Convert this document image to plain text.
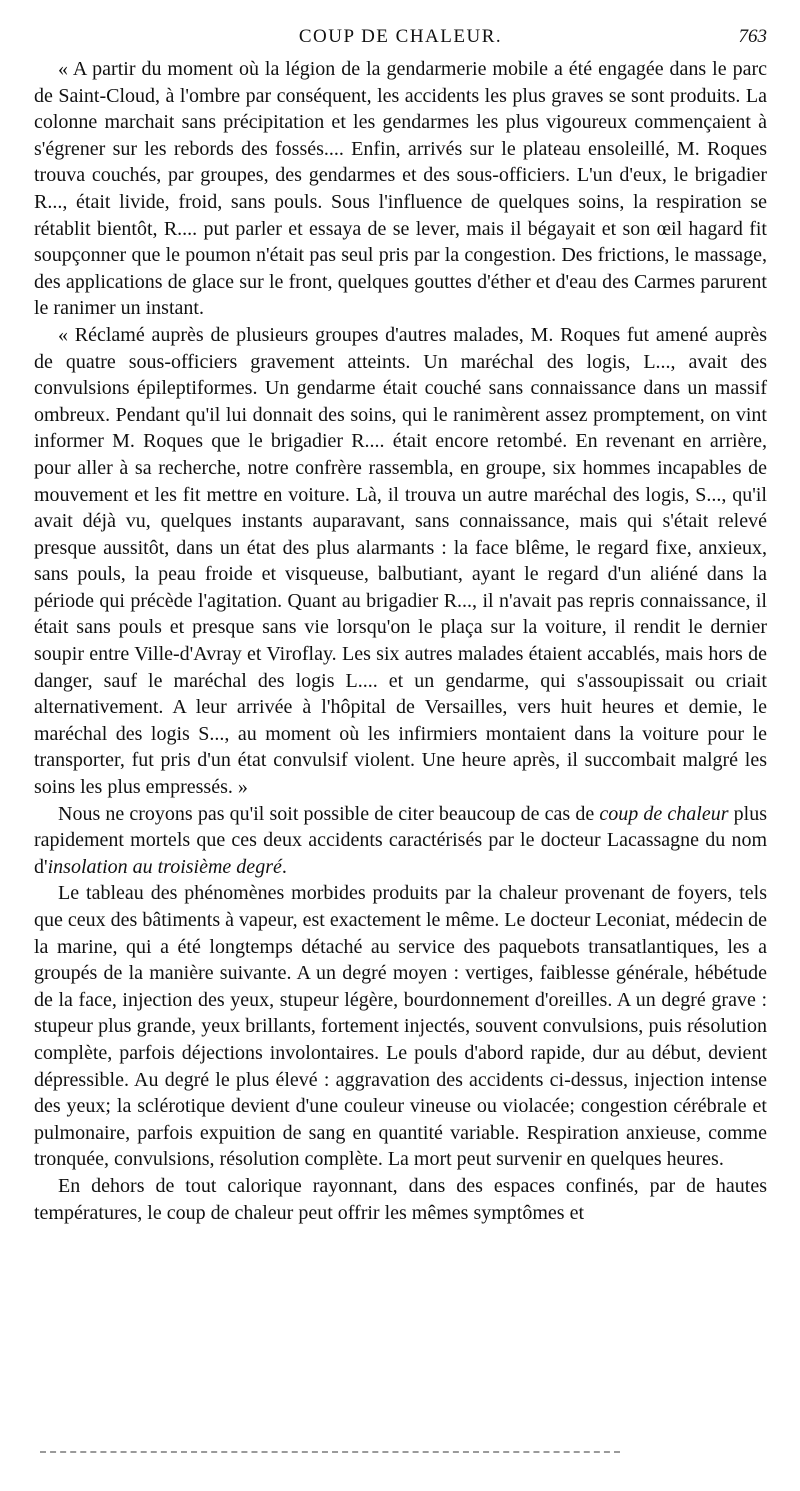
COUP DE CHALEUR.	763

« A partir du moment où la légion de la gendarmerie mobile a été engagée dans le parc de Saint-Cloud, à l'ombre par conséquent, les accidents les plus graves se sont produits. La colonne marchait sans précipitation et les gendarmes les plus vigoureux commençaient à s'égrener sur les rebords des fossés.... Enfin, arrivés sur le plateau ensoleillé, M. Roques trouva couchés, par groupes, des gendarmes et des sous-officiers. L'un d'eux, le brigadier R..., était livide, froid, sans pouls. Sous l'influence de quelques soins, la respiration se rétablit bientôt, R.... put parler et essaya de se lever, mais il bégayait et son œil hagard fit soupçonner que le poumon n'était pas seul pris par la congestion. Des frictions, le massage, des applications de glace sur le front, quelques gouttes d'éther et d'eau des Carmes parurent le ranimer un instant.

« Réclamé auprès de plusieurs groupes d'autres malades, M. Roques fut amené auprès de quatre sous-officiers gravement atteints. Un maréchal des logis, L..., avait des convulsions épileptiformes. Un gendarme était couché sans connaissance dans un massif ombreux. Pendant qu'il lui donnait des soins, qui le ranimèrent assez promptement, on vint informer M. Roques que le brigadier R.... était encore retombé. En revenant en arrière, pour aller à sa recherche, notre confrère rassembla, en groupe, six hommes incapables de mouvement et les fit mettre en voiture. Là, il trouva un autre maréchal des logis, S..., qu'il avait déjà vu, quelques instants auparavant, sans connaissance, mais qui s'était relevé presque aussitôt, dans un état des plus alarmants : la face blême, le regard fixe, anxieux, sans pouls, la peau froide et visqueuse, balbutiant, ayant le regard d'un aliéné dans la période qui précède l'agitation. Quant au brigadier R..., il n'avait pas repris connaissance, il était sans pouls et presque sans vie lorsqu'on le plaça sur la voiture, il rendit le dernier soupir entre Ville-d'Avray et Viroflay. Les six autres malades étaient accablés, mais hors de danger, sauf le maréchal des logis L.... et un gendarme, qui s'assoupissait ou criait alternativement. A leur arrivée à l'hôpital de Versailles, vers huit heures et demie, le maréchal des logis S..., au moment où les infirmiers montaient dans la voiture pour le transporter, fut pris d'un état convulsif violent. Une heure après, il succombait malgré les soins les plus empressés. »

Nous ne croyons pas qu'il soit possible de citer beaucoup de cas de coup de chaleur plus rapidement mortels que ces deux accidents caractérisés par le docteur Lacassagne du nom d'insolation au troisième degré.

Le tableau des phénomènes morbides produits par la chaleur provenant de foyers, tels que ceux des bâtiments à vapeur, est exactement le même. Le docteur Leconiat, médecin de la marine, qui a été longtemps détaché au service des paquebots transatlantiques, les a groupés de la manière suivante. A un degré moyen : vertiges, faiblesse générale, hébétude de la face, injection des yeux, stupeur légère, bourdonnement d'oreilles. A un degré grave : stupeur plus grande, yeux brillants, fortement injectés, souvent convulsions, puis résolution complète, parfois déjections involontaires. Le pouls d'abord rapide, dur au début, devient dépressible. Au degré le plus élevé : aggravation des accidents ci-dessus, injection intense des yeux; la sclérotique devient d'une couleur vineuse ou violacée; congestion cérébrale et pulmonaire, parfois expuition de sang en quantité variable. Respiration anxieuse, comme tronquée, convulsions, résolution complète. La mort peut survenir en quelques heures.

En dehors de tout calorique rayonnant, dans des espaces confinés, par de hautes températures, le coup de chaleur peut offrir les mêmes symptômes et
